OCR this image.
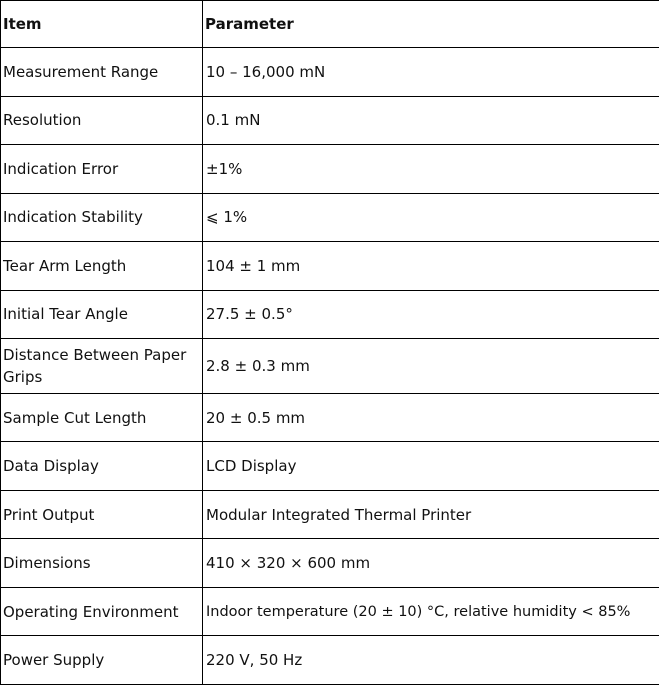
Item	Parameter
Measurement Range	10 – 16,000 mN
Resolution	0.1 mN
Indication Error	±1%
Indication Stability	⩽ 1%
Tear Arm Length	104 ± 1 mm
Initial Tear Angle	27.5 ± 0.5°
Distance Between Paper Grips	2.8 ± 0.3 mm
Sample Cut Length	20 ± 0.5 mm
Data Display	LCD Display
Print Output	Modular Integrated Thermal Printer
Dimensions	410 × 320 × 600 mm
Operating Environment	Indoor temperature (20 ± 10) °C, relative humidity < 85%
Power Supply	220 V, 50 Hz
